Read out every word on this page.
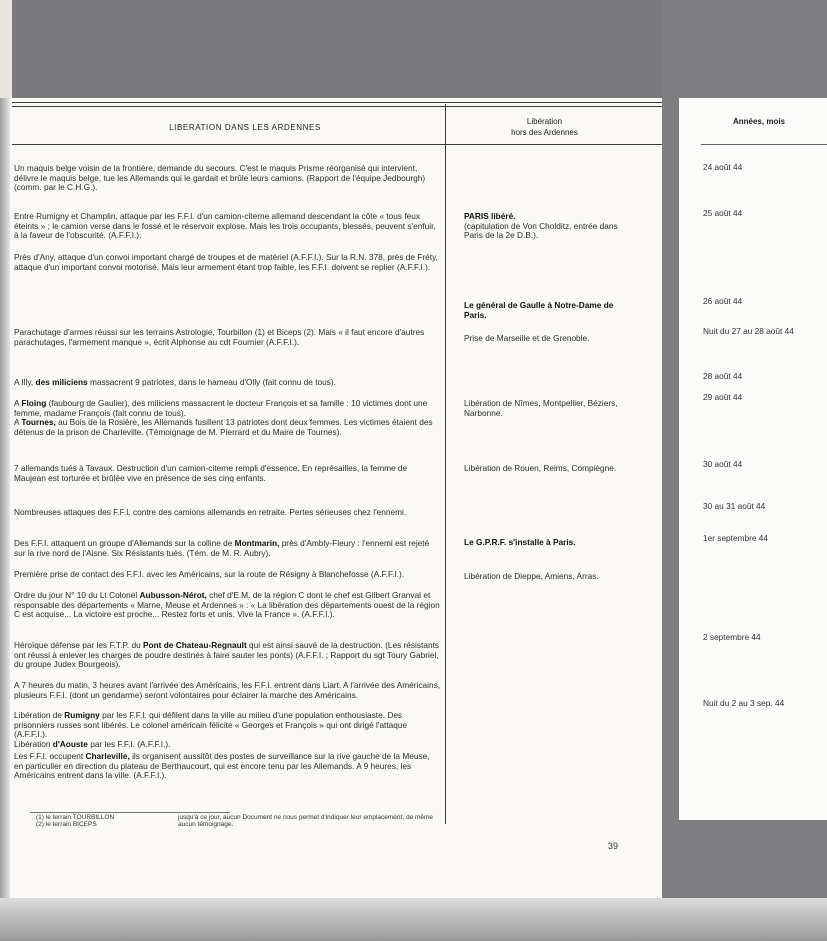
LIBERATION DANS LES ARDENNES
Libération
hors des Ardennes
Un maquis belge voisin de la frontière, demande du secours. C'est le maquis Prisme réorganisé qui intervient, délivre le maquis belge, tue les Allemands qui le gardait et brûle leurs camions. (Rapport de l'équipe Jedbourgh) (comm. par le C.H.G.).
Entre Rumigny et Champlin, attaque par les F.F.I. d'un camion-citerne allemand descendant la côte « tous feux éteints » ; le camion verse dans le fossé et le réservoir explose. Mais les trois occupants, blessés, peuvent s'enfuir, à la faveur de l'obscurité. (A.F.F.I.).
Près d'Any, attaque d'un convoi important chargé de troupes et de matériel (A.F.F.I.). Sur la R.N. 378, près de Fréty, attaque d'un important convoi motorisé. Mais leur armement étant trop faible, les F.F.I. doivent se replier (A.F.F.I.).
Parachutage d'armes réussi sur les terrains Astrologie, Tourbillon (1) et Biceps (2). Mais « il faut encore d'autres parachutages, l'armement manque », écrit Alphonse au cdt Fournier (A.F.F.I.).
A Illy, des miliciens massacrent 9 patriotes, dans le hameau d'Olly (fait connu de tous).
A Floing (faubourg de Gaulier), des miliciens massacrent le docteur François et sa famille : 10 victimes dont une femme, madame François (fait connu de tous).
A Tournes, au Bois de la Rosière, les Allemands fusillent 13 patriotes dont deux femmes. Les victimes étaient des détenus de la prison de Charleville. (Témoignage de M. Pierrard et du Maire de Tournes).
7 allemands tués à Tavaux. Destruction d'un camion-citerne rempli d'essence. En représailles, la femme de Maujean est torturée et brûlée vive en présence de ses cinq enfants.
Nombreuses attaques des F.F.I. contre des camions allemands en retraite. Pertes sérieuses chez l'ennemi.
Des F.F.I. attaquent un groupe d'Allemands sur la colline de Montmarin, près d'Ambly-Fleury : l'ennemi est rejeté sur la rive nord de l'Aisne. Six Résistants tués. (Tém. de M. R. Aubry).
Première prise de contact des F.F.I. avec les Américains, sur la route de Résigny à Blanchefosse (A.F.F.I.).
Ordre du jour N° 10 du Lt Colonel Aubusson-Nérot, chef d'E.M. de la région C dont le chef est Gilbert Granval et responsable des départements « Marne, Meuse et Ardennes » : « La libération des départements ouest de la région C est acquise... La victoire est proche... Restez forts et unis. Vive la France ». (A.F.F.I.).
Héroïque défense par les F.T.P. du Pont de Chateau-Regnault qui est ainsi sauvé de la destruction. (Les résistants ont réussi à enlever les charges de poudre destinés à faire sauter les ponts) (A.F.F.I. ; Rapport du sgt Toury Gabriel, du groupe Judex Bourgeois).
A 7 heures du matin, 3 heures avant l'arrivée des Américains, les F.F.I. entrent dans Liart. A l'arrivée des Américains, plusieurs F.F.I. (dont un gendarme) seront volontaires pour éclairer la marche des Américains.
Libération de Rumigny par les F.F.I. qui défilent dans la ville au milieu d'une population enthousiaste. Des prisonniers russes sont libérés. Le colonel américain félicite « Georges et François » qui ont dirigé l'attaque (A.F.F.I.).
Libération d'Aouste par les F.F.I. (A.F.F.I.).
Les F.F.I. occupent Charleville, ils organisent aussitôt des postes de surveillance sur la rive gauche de la Meuse, en particulier en direction du plateau de Berthaucourt, qui est encore tenu par les Allemands. A 9 heures, les Américains entrent dans la ville. (A.F.F.I.).
(1) le terrain TOURBILLON
(2) le terrain BICEPS
jusqu'à ce jour, aucun Document ne nous permet d'indiquer leur emplacement, de même aucun témoignage.
PARIS libéré.
(capitulation de Von Cholditz, entrée dans Paris de la 2e D.B.).
Le général de Gaulle à Notre-Dame de Paris.
Prise de Marseille et de Grenoble.
Libération de Nîmes, Montpellier, Béziers, Narbonne.
Libération de Rouen, Reims, Compiègne.
Le G.P.R.F. s'installe à Paris.
Libération de Dieppe, Amiens, Arras.
39
Années, mois
24 août 44
25 août 44
26 août 44
Nuit du 27 au 28 août 44
28 août 44
29 août 44
30 août 44
30 au 31 août 44
1er septembre 44
2 septembre 44
Nuit du 2 au 3 sep. 44
